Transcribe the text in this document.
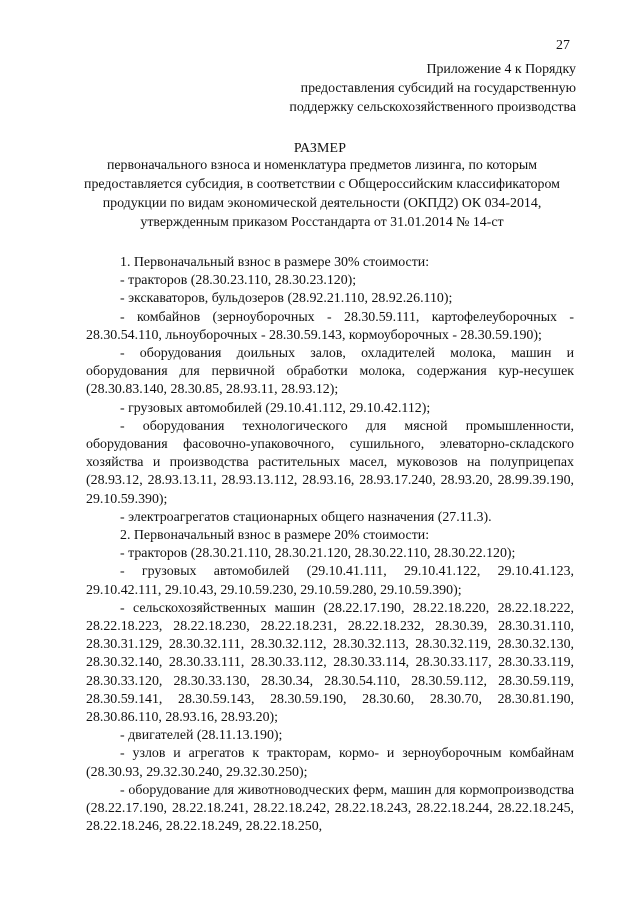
27
Приложение 4 к Порядку
предоставления субсидий на государственную
поддержку сельскохозяйственного производства
РАЗМЕР
первоначального взноса и номенклатура предметов лизинга, по которым предоставляется субсидия, в соответствии с Общероссийским классификатором продукции по видам экономической деятельности (ОКПД2) ОК 034-2014, утвержденным приказом Росстандарта от 31.01.2014 № 14-ст

1. Первоначальный взнос в размере 30% стоимости:

- тракторов (28.30.23.110, 28.30.23.120);

- экскаваторов, бульдозеров (28.92.21.110, 28.92.26.110);

- комбайнов (зерноуборочных - 28.30.59.111, картофелеуборочных - 28.30.54.110, льноуборочных - 28.30.59.143, кормоуборочных - 28.30.59.190);

- оборудования доильных залов, охладителей молока, машин и оборудования для первичной обработки молока, содержания кур-несушек (28.30.83.140, 28.30.85, 28.93.11, 28.93.12);

- грузовых автомобилей (29.10.41.112, 29.10.42.112);

- оборудования технологического для мясной промышленности, оборудования фасовочно-упаковочного, сушильного, элеваторно-складского хозяйства и производства растительных масел, муковозов на полуприцепах (28.93.12, 28.93.13.11, 28.93.13.112, 28.93.16, 28.93.17.240, 28.93.20, 28.99.39.190, 29.10.59.390);

- электроагрегатов стационарных общего назначения (27.11.3).

2. Первоначальный взнос в размере 20% стоимости:

- тракторов (28.30.21.110, 28.30.21.120, 28.30.22.110, 28.30.22.120);

- грузовых автомобилей (29.10.41.111, 29.10.41.122, 29.10.41.123, 29.10.42.111, 29.10.43, 29.10.59.230, 29.10.59.280, 29.10.59.390);

- сельскохозяйственных машин (28.22.17.190, 28.22.18.220, 28.22.18.222, 28.22.18.223, 28.22.18.230, 28.22.18.231, 28.22.18.232, 28.30.39, 28.30.31.110, 28.30.31.129, 28.30.32.111, 28.30.32.112, 28.30.32.113, 28.30.32.119, 28.30.32.130, 28.30.32.140, 28.30.33.111, 28.30.33.112, 28.30.33.114, 28.30.33.117, 28.30.33.119, 28.30.33.120, 28.30.33.130, 28.30.34, 28.30.54.110, 28.30.59.112, 28.30.59.119, 28.30.59.141, 28.30.59.143, 28.30.59.190, 28.30.60, 28.30.70, 28.30.81.190, 28.30.86.110, 28.93.16, 28.93.20);

- двигателей (28.11.13.190);

- узлов и агрегатов к тракторам, кормо- и зерноуборочным комбайнам (28.30.93, 29.32.30.240, 29.32.30.250);

- оборудование для животноводческих ферм, машин для кормопроизводства (28.22.17.190, 28.22.18.241, 28.22.18.242, 28.22.18.243, 28.22.18.244, 28.22.18.245, 28.22.18.246, 28.22.18.249, 28.22.18.250,
